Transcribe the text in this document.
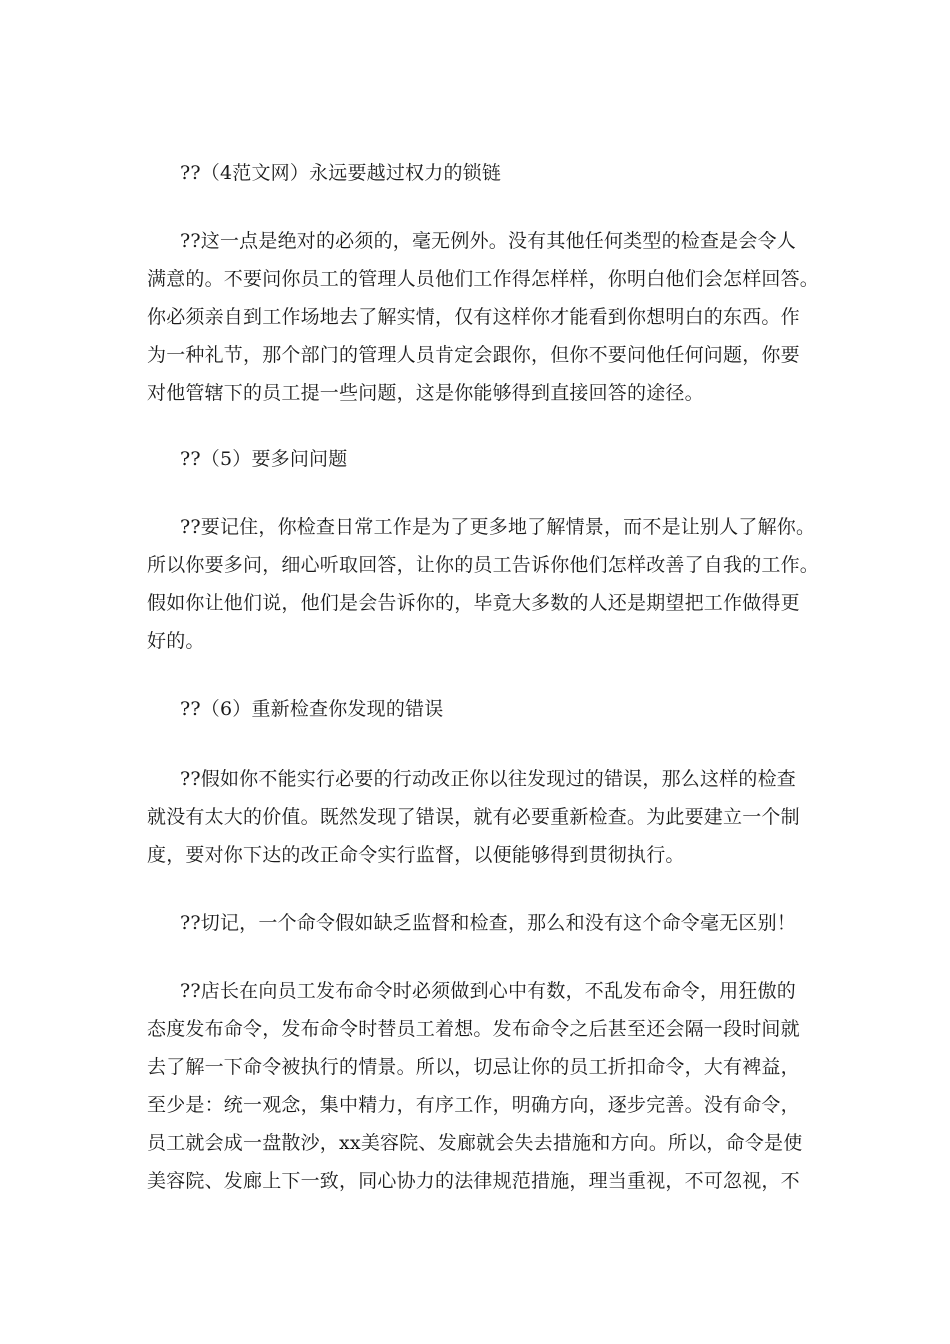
??（4范文网）永远要越过权力的锁链

??这一点是绝对的必须的，毫无例外。没有其他任何类型的检查是会令人
满意的。不要问你员工的管理人员他们工作得怎样样，你明白他们会怎样回答。
你必须亲自到工作场地去了解实情，仅有这样你才能看到你想明白的东西。作
为一种礼节，那个部门的管理人员肯定会跟你，但你不要问他任何问题，你要
对他管辖下的员工提一些问题，这是你能够得到直接回答的途径。

??（5）要多问问题

??要记住，你检查日常工作是为了更多地了解情景，而不是让别人了解你。
所以你要多问，细心听取回答，让你的员工告诉你他们怎样改善了自我的工作。
假如你让他们说，他们是会告诉你的，毕竟大多数的人还是期望把工作做得更
好的。

??（6）重新检查你发现的错误

??假如你不能实行必要的行动改正你以往发现过的错误，那么这样的检查
就没有太大的价值。既然发现了错误，就有必要重新检查。为此要建立一个制
度，要对你下达的改正命令实行监督，以便能够得到贯彻执行。

??切记，一个命令假如缺乏监督和检查，那么和没有这个命令毫无区别！

??店长在向员工发布命令时必须做到心中有数，不乱发布命令，用狂傲的
态度发布命令，发布命令时替员工着想。发布命令之后甚至还会隔一段时间就
去了解一下命令被执行的情景。所以，切忌让你的员工折扣命令，大有裨益，
至少是：统一观念，集中精力，有序工作，明确方向，逐步完善。没有命令，
员工就会成一盘散沙，xx美容院、发廊就会失去措施和方向。所以，命令是使
美容院、发廊上下一致，同心协力的法律规范措施，理当重视，不可忽视，不
